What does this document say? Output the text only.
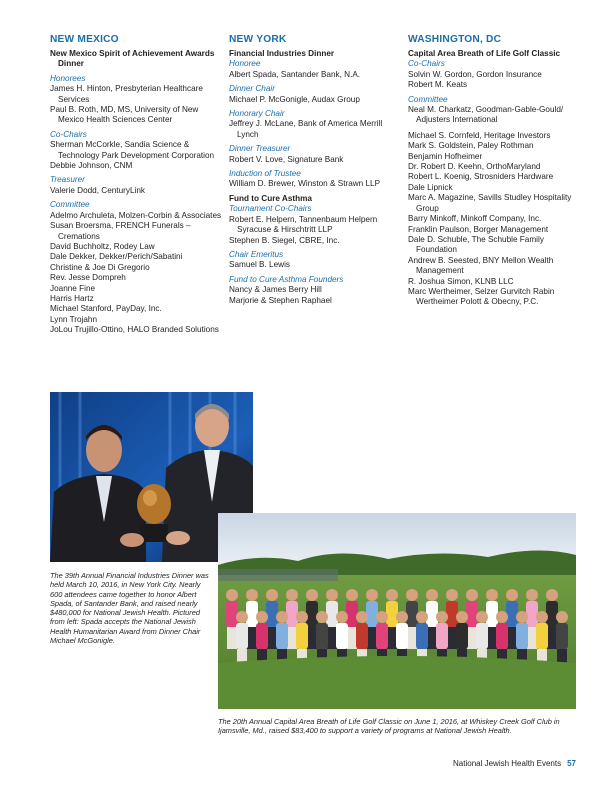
NEW MEXICO
New Mexico Spirit of Achievement Awards Dinner
Honorees
James H. Hinton, Presbyterian Healthcare Services
Paul B. Roth, MD, MS, University of New Mexico Health Sciences Center
Co-Chairs
Sherman McCorkle, Sandia Science & Technology Park Development Corporation
Debbie Johnson, CNM
Treasurer
Valerie Dodd, CenturyLink
Committee
Adelmo Archuleta, Molzen-Corbin & Associates
Susan Broersma, FRENCH Funerals – Cremations
David Buchholtz, Rodey Law
Dale Dekker, Dekker/Perich/Sabatini
Christine & Joe Di Gregorio
Rev. Jesse Dompreh
Joanne Fine
Harris Hartz
Michael Stanford, PayDay, Inc.
Lynn Trojahn
JoLou Trujillo-Ottino, HALO Branded Solutions
NEW YORK
Financial Industries Dinner
Honoree
Albert Spada, Santander Bank, N.A.
Dinner Chair
Michael P. McGonigle, Audax Group
Honorary Chair
Jeffrey J. McLane, Bank of America Merrill Lynch
Dinner Treasurer
Robert V. Love, Signature Bank
Induction of Trustee
William D. Brewer, Winston & Strawn LLP
Fund to Cure Asthma
Tournament Co-Chairs
Robert E. Helpern, Tannenbaum Helpern Syracuse & Hirschtritt LLP
Stephen B. Siegel, CBRE, Inc.
Chair Emeritus
Samuel B. Lewis
Fund to Cure Asthma Founders
Nancy & James Berry Hill
Marjorie & Stephen Raphael
WASHINGTON, DC
Capital Area Breath of Life Golf Classic
Co-Chairs
Solvin W. Gordon, Gordon Insurance
Robert M. Keats
Committee
Neal M. Charkatz, Goodman-Gable-Gould/ Adjusters International
Michael S. Cornfeld, Heritage Investors
Mark S. Goldstein, Paley Rothman
Benjamin Hofheimer
Dr. Robert D. Keehn, OrthoMaryland
Robert L. Koenig, Strosniders Hardware
Dale Lipnick
Marc A. Magazine, Savills Studley Hospitality Group
Barry Minkoff, Minkoff Company, Inc.
Franklin Paulson, Borger Management
Dale D. Schuble, The Schuble Family Foundation
Andrew B. Seested, BNY Mellon Wealth Management
R. Joshua Simon, KLNB LLC
Marc Wertheimer, Selzer Gurvitch Rabin Wertheimer Polott & Obecny, P.C.
The 39th Annual Financial Industries Dinner was held March 10, 2016, in New York City. Nearly 600 attendees came together to honor Albert Spada, of Santander Bank, and raised nearly $480,000 for National Jewish Health. Pictured from left: Spada accepts the National Jewish Health Humanitarian Award from Dinner Chair Michael McGonigle.
The 20th Annual Capital Area Breath of Life Golf Classic on June 1, 2016, at Whiskey Creek Golf Club in Ijamsville, Md., raised $83,400 to support a variety of programs at National Jewish Health.
National Jewish Health Events 57
